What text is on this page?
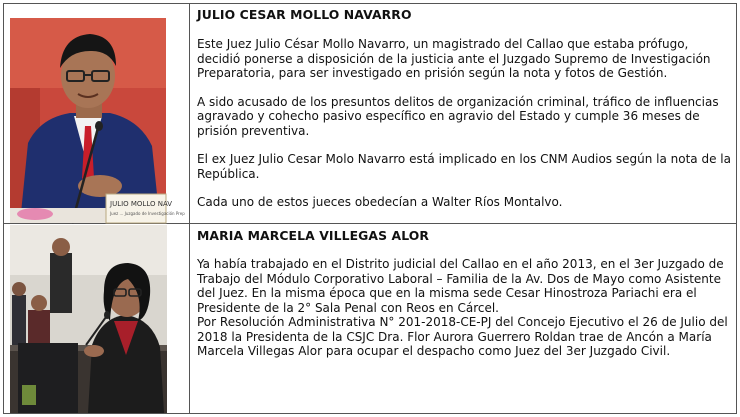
JULIO MOLLO NAV
Juez ... Juzgado de Investigación Prep

JULIO CESAR MOLLO NAVARRO

Este Juez Julio César Mollo Navarro, un magistrado del Callao que estaba prófugo, decidió ponerse a disposición de la justicia ante el Juzgado Supremo de Investigación Preparatoria, para ser investigado en prisión según la nota y fotos de Gestión.

A sido acusado de los presuntos delitos de organización criminal, tráfico de influencias agravado y cohecho pasivo específico en agravio del Estado y cumple 36 meses de prisión preventiva.

El ex Juez Julio Cesar Molo Navarro está implicado en los CNM Audios según la nota de la República.

Cada uno de estos jueces obedecían a Walter Ríos Montalvo.

MARIA MARCELA VILLEGAS ALOR

Ya había trabajado en el Distrito judicial del Callao en el año 2013, en el 3er Juzgado de Trabajo del Módulo Corporativo Laboral – Familia de la Av. Dos de Mayo como Asistente del Juez. En la misma época que en la misma sede Cesar Hinostroza Pariachi era el Presidente de la 2° Sala Penal con Reos en Cárcel.

Por Resolución Administrativa N° 201-2018-CE-PJ del Concejo Ejecutivo el 26 de Julio del 2018 la Presidenta de la CSJC Dra. Flor Aurora Guerrero Roldan trae de Ancón a María Marcela Villegas Alor para ocupar el despacho como Juez del 3er Juzgado Civil.
